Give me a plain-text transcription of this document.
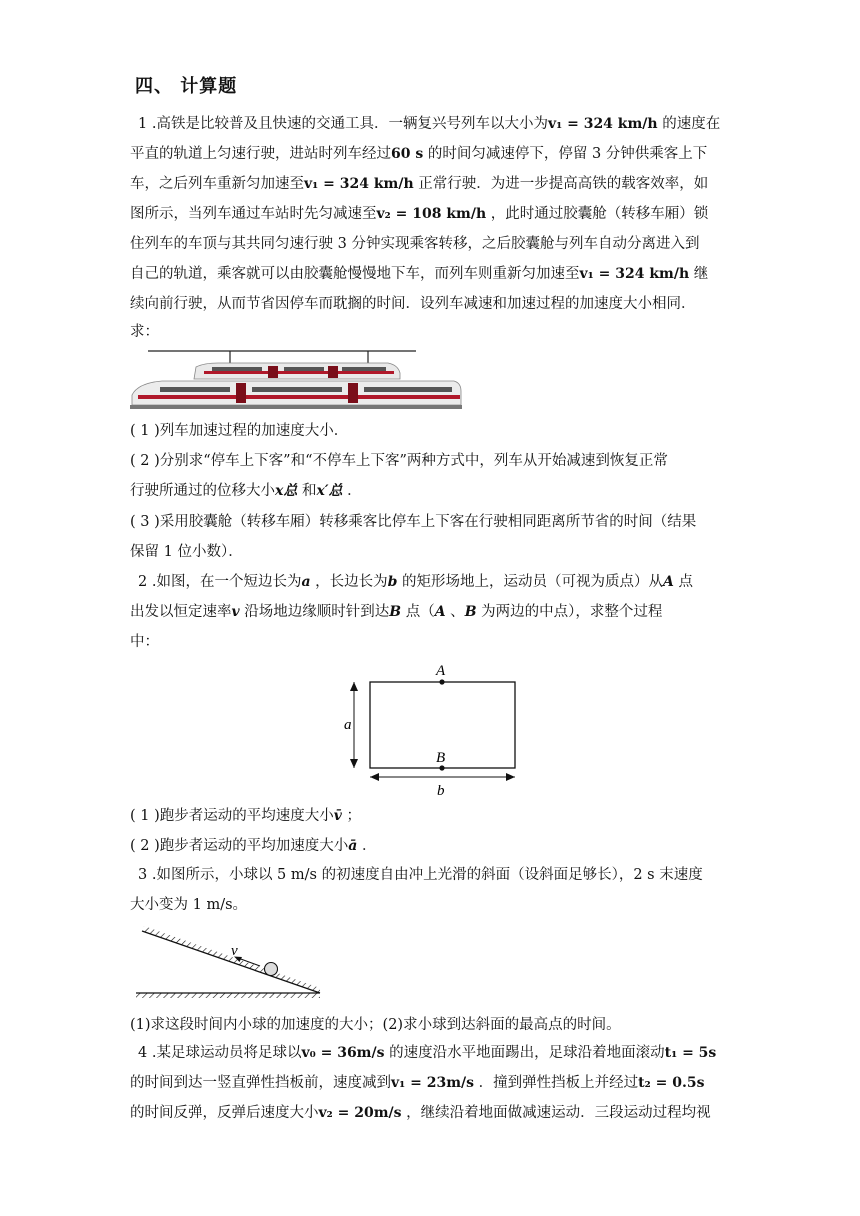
四、 计算题
1 .高铁是比较普及且快速的交通工具．一辆复兴号列车以大小为v₁ = 324 km/h 的速度在
平直的轨道上匀速行驶，进站时列车经过60 s 的时间匀减速停下，停留 3 分钟供乘客上下
车，之后列车重新匀加速至v₁ = 324 km/h 正常行驶．为进一步提高高铁的载客效率，如
图所示，当列车通过车站时先匀减速至v₂ = 108 km/h ，此时通过胶囊舱（转移车厢）锁
住列车的车顶与其共同匀速行驶 3 分钟实现乘客转移，之后胶囊舱与列车自动分离进入到
自己的轨道，乘客就可以由胶囊舱慢慢地下车，而列车则重新匀加速至v₁ = 324 km/h 继
续向前行驶，从而节省因停车而耽搁的时间．设列车减速和加速过程的加速度大小相同．
求：
( 1 )列车加速过程的加速度大小．
( 2 )分别求“停车上下客”和“不停车上下客”两种方式中，列车从开始减速到恢复正常
行驶所通过的位移大小x总 和x′总 ．
( 3 )采用胶囊舱（转移车厢）转移乘客比停车上下客在行驶相同距离所节省的时间（结果
保留 1 位小数）．
2 .如图，在一个短边长为a ，长边长为b 的矩形场地上，运动员（可视为质点）从A 点
出发以恒定速率v 沿场地边缘顺时针到达B 点（A 、B 为两边的中点），求整个过程
中：
A
B
a
b
( 1 )跑步者运动的平均速度大小v̄ ；
( 2 )跑步者运动的平均加速度大小ā ．
3 .如图所示，小球以 5 m/s 的初速度自由冲上光滑的斜面（设斜面足够长），2 s 末速度
大小变为 1 m/s。
v
(1)求这段时间内小球的加速度的大小；(2)求小球到达斜面的最高点的时间。
4 .某足球运动员将足球以v₀ = 36m/s 的速度沿水平地面踢出，足球沿着地面滚动t₁ = 5s
的时间到达一竖直弹性挡板前，速度减到v₁ = 23m/s ．撞到弹性挡板上并经过t₂ = 0.5s
的时间反弹，反弹后速度大小v₂ = 20m/s ，继续沿着地面做减速运动．三段运动过程均视
